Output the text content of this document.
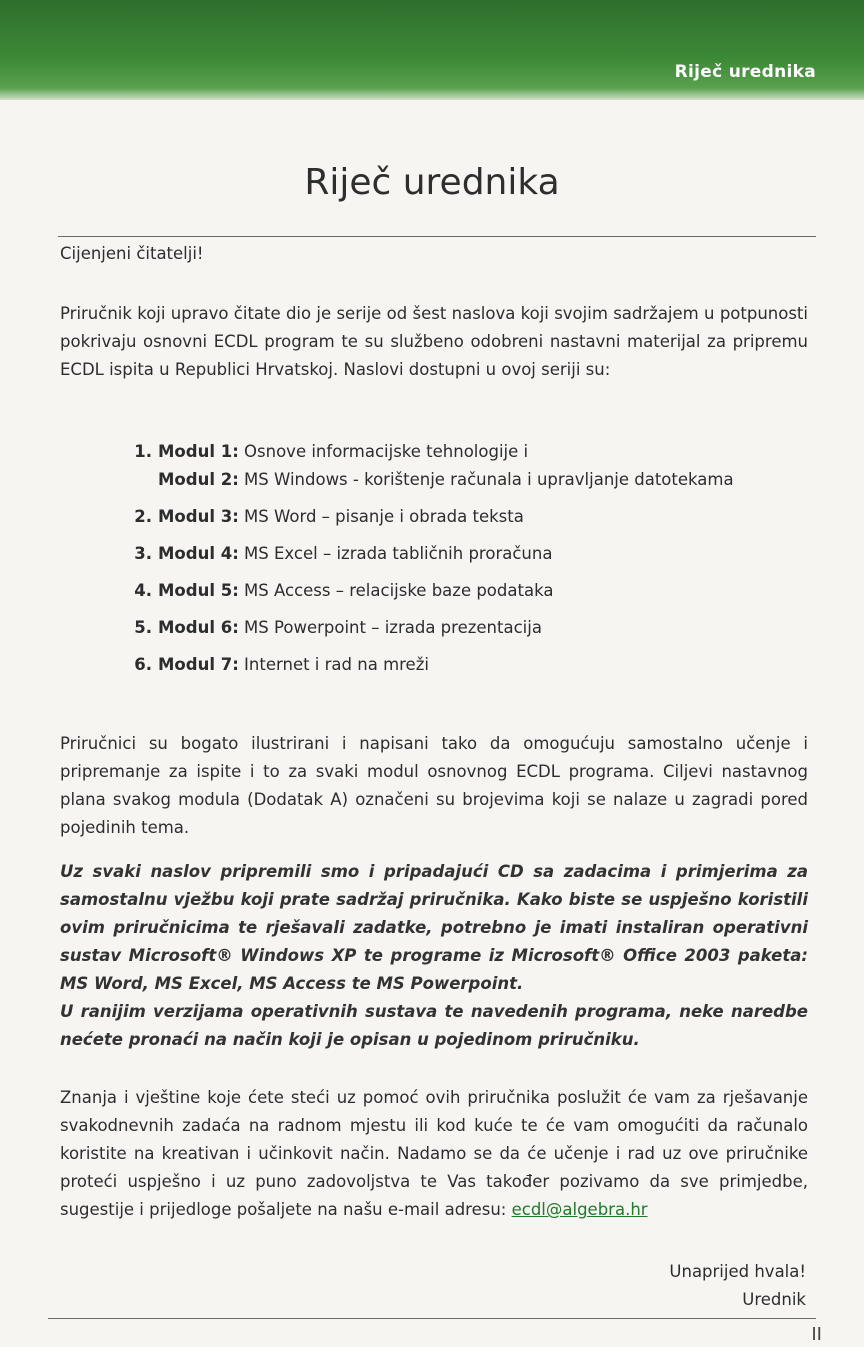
Riječ urednika
Riječ urednika

Cijenjeni čitatelji!

Priručnik koji upravo čitate dio je serije od šest naslova koji svojim sadržajem u potpunosti pokrivaju osnovni ECDL program te su službeno odobreni nastavni materijal za pripremu ECDL ispita u Republici Hrvatskoj. Naslovi dostupni u ovoj seriji su:

1. Modul 1: Osnove informacijske tehnologije i
Modul 2: MS Windows - korištenje računala i upravljanje datotekama
2. Modul 3: MS Word – pisanje i obrada teksta
3. Modul 4: MS Excel – izrada tabličnih proračuna
4. Modul 5: MS Access – relacijske baze podataka
5. Modul 6: MS Powerpoint – izrada prezentacija
6. Modul 7: Internet i rad na mreži

Priručnici su bogato ilustrirani i napisani tako da omogućuju samostalno učenje i pripremanje za ispite i to za svaki modul osnovnog ECDL programa. Ciljevi nastavnog plana svakog modula (Dodatak A) označeni su brojevima koji se nalaze u zagradi pored pojedinih tema.

Uz svaki naslov pripremili smo i pripadajući CD sa zadacima i primjerima za samostalnu vježbu koji prate sadržaj priručnika. Kako biste se uspješno koristili ovim priručnicima te rješavali zadatke, potrebno je imati instaliran operativni sustav Microsoft® Windows XP te programe iz Microsoft® Office 2003 paketa: MS Word, MS Excel, MS Access te MS Powerpoint.
U ranijim verzijama operativnih sustava te navedenih programa, neke naredbe nećete pronaći na način koji je opisan u pojedinom priručniku.

Znanja i vještine koje ćete steći uz pomoć ovih priručnika poslužit će vam za rješavanje svakodnevnih zadaća na radnom mjestu ili kod kuće te će vam omogućiti da računalo koristite na kreativan i učinkovit način. Nadamo se da će učenje i rad uz ove priručnike proteći uspješno i uz puno zadovoljstva te Vas također pozivamo da sve primjedbe, sugestije i prijedloge pošaljete na našu e-mail adresu: ecdl@algebra.hr

Unaprijed hvala!
Urednik
II
